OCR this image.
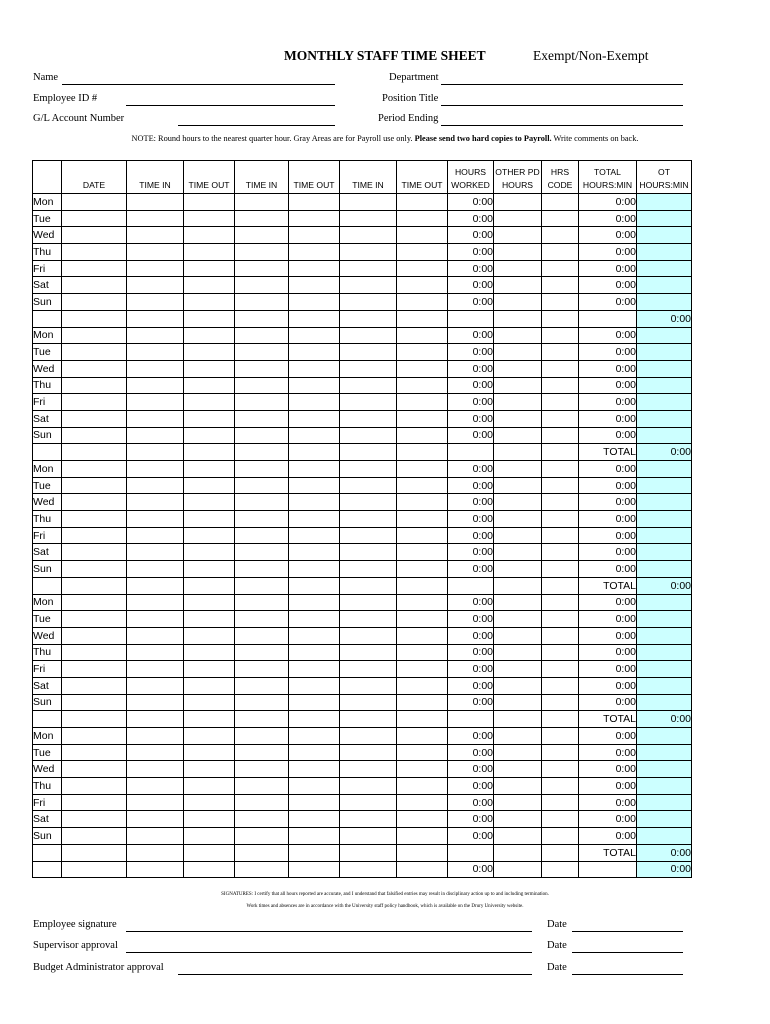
MONTHLY STAFF TIME SHEET	Exempt/Non-Exempt
Name	Department
Employee ID #	Position Title
G/L Account Number	Period Ending
NOTE: Round hours to the nearest quarter hour. Gray Areas are for Payroll use only. Please send two hard copies to Payroll. Write comments on back.
								HOURS	OTHER PD	HRS	TOTAL	OT
	DATE	TIME IN	TIME OUT	TIME IN	TIME OUT	TIME IN	TIME OUT	WORKED	HOURS	CODE	HOURS:MIN	HOURS:MIN
Mon								0:00			0:00	
Tue								0:00			0:00	
Wed								0:00			0:00	
Thu								0:00			0:00	
Fri								0:00			0:00	
Sat								0:00			0:00	
Sun								0:00			0:00	
												0:00
Mon								0:00			0:00	
Tue								0:00			0:00	
Wed								0:00			0:00	
Thu								0:00			0:00	
Fri								0:00			0:00	
Sat								0:00			0:00	
Sun								0:00			0:00	
											TOTAL	0:00
Mon								0:00			0:00	
Tue								0:00			0:00	
Wed								0:00			0:00	
Thu								0:00			0:00	
Fri								0:00			0:00	
Sat								0:00			0:00	
Sun								0:00			0:00	
											TOTAL	0:00
Mon								0:00			0:00	
Tue								0:00			0:00	
Wed								0:00			0:00	
Thu								0:00			0:00	
Fri								0:00			0:00	
Sat								0:00			0:00	
Sun								0:00			0:00	
											TOTAL	0:00
Mon								0:00			0:00	
Tue								0:00			0:00	
Wed								0:00			0:00	
Thu								0:00			0:00	
Fri								0:00			0:00	
Sat								0:00			0:00	
Sun								0:00			0:00	
											TOTAL	0:00
								0:00				0:00
SIGNATURES: I certify that all hours reported are accurate, and I understand that falsified entries may result in disciplinary action up to and including termination.
Work times and absences are in accordance with the University staff policy handbook, which is available on the Drury University website.
Employee signature	Date
Supervisor approval	Date
Budget Administrator approval	Date
